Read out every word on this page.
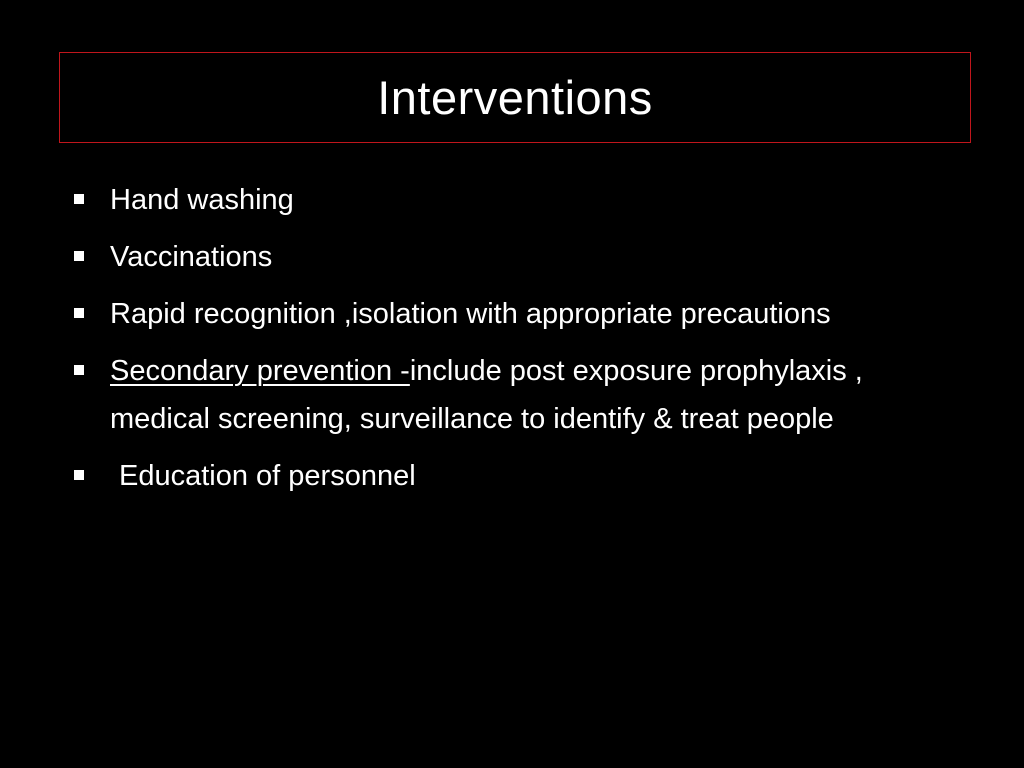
Interventions
Hand washing
Vaccinations
Rapid recognition ,isolation with appropriate precautions
Secondary prevention -include post exposure prophylaxis , medical screening, surveillance to identify & treat people
Education of personnel
